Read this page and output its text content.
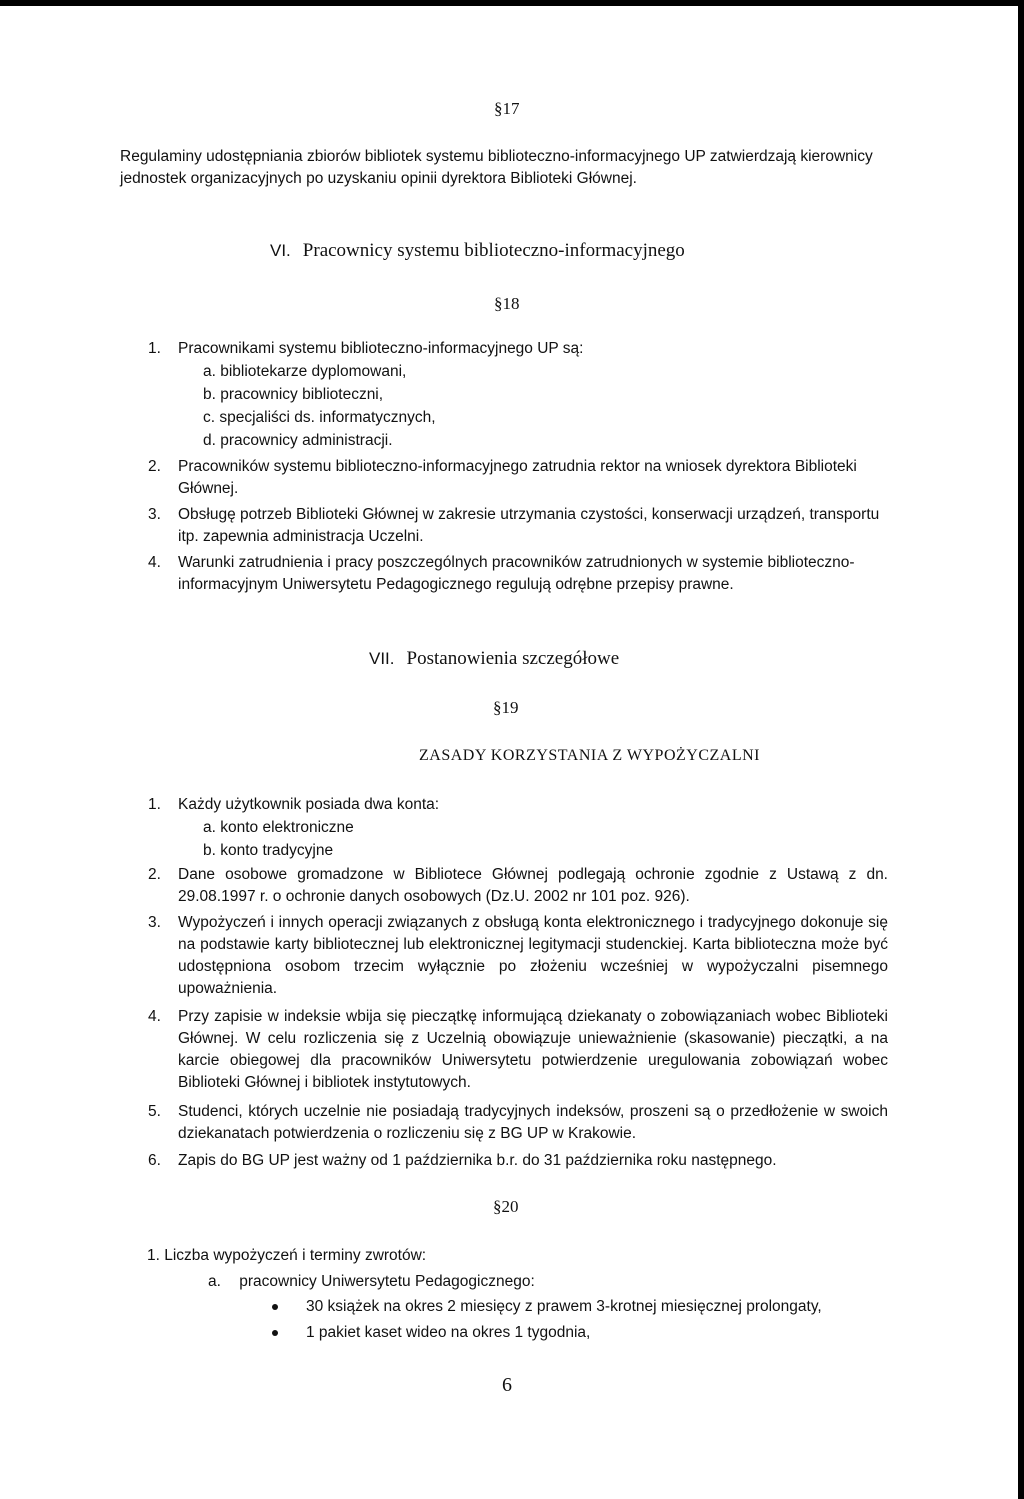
§17
Regulaminy udostępniania zbiorów bibliotek systemu biblioteczno-informacyjnego UP zatwierdzają kierownicy jednostek organizacyjnych po uzyskaniu opinii dyrektora Biblioteki Głównej.
VI. Pracownicy systemu biblioteczno-informacyjnego
§18
1.	Pracownikami systemu biblioteczno-informacyjnego UP są:
a. bibliotekarze dyplomowani,
b. pracownicy biblioteczni,
c. specjaliści ds. informatycznych,
d. pracownicy administracji.
2.	Pracowników systemu biblioteczno-informacyjnego zatrudnia rektor na wniosek dyrektora Biblioteki Głównej.
3.	Obsługę potrzeb Biblioteki Głównej w zakresie utrzymania czystości, konserwacji urządzeń, transportu itp. zapewnia administracja Uczelni.
4.	Warunki zatrudnienia i pracy poszczególnych pracowników zatrudnionych w systemie biblioteczno-informacyjnym Uniwersytetu Pedagogicznego regulują odrębne przepisy prawne.
VII. Postanowienia szczegółowe
§19
ZASADY KORZYSTANIA Z WYPOŻYCZALNI
1.	Każdy użytkownik posiada dwa konta:
a. konto elektroniczne
b. konto tradycyjne
2.	Dane osobowe gromadzone w Bibliotece Głównej podlegają ochronie zgodnie z Ustawą z dn. 29.08.1997 r. o ochronie danych osobowych (Dz.U. 2002 nr 101 poz. 926).
3.	Wypożyczeń i innych operacji związanych z obsługą konta elektronicznego i tradycyjnego dokonuje się na podstawie karty bibliotecznej lub elektronicznej legitymacji studenckiej. Karta biblioteczna może być udostępniona osobom trzecim wyłącznie po złożeniu wcześniej w wypożyczalni pisemnego upoważnienia.
4.	Przy zapisie w indeksie wbija się pieczątkę informującą dziekanaty o zobowiązaniach wobec Biblioteki Głównej. W celu rozliczenia się z Uczelnią obowiązuje unieważnienie (skasowanie) pieczątki, a na karcie obiegowej dla pracowników Uniwersytetu potwierdzenie uregulowania zobowiązań wobec Biblioteki Głównej i bibliotek instytutowych.
5.	Studenci, których uczelnie nie posiadają tradycyjnych indeksów, proszeni są o przedłożenie w swoich dziekanatach potwierdzenia o rozliczeniu się z BG UP w Krakowie.
6.	Zapis do BG UP jest ważny od 1 października b.r. do 31 października roku następnego.
§20
1. Liczba wypożyczeń i terminy zwrotów:
a. pracownicy Uniwersytetu Pedagogicznego:
30 książek na okres 2 miesięcy z prawem 3-krotnej miesięcznej prolongaty,
1 pakiet kaset wideo na okres 1 tygodnia,
6
